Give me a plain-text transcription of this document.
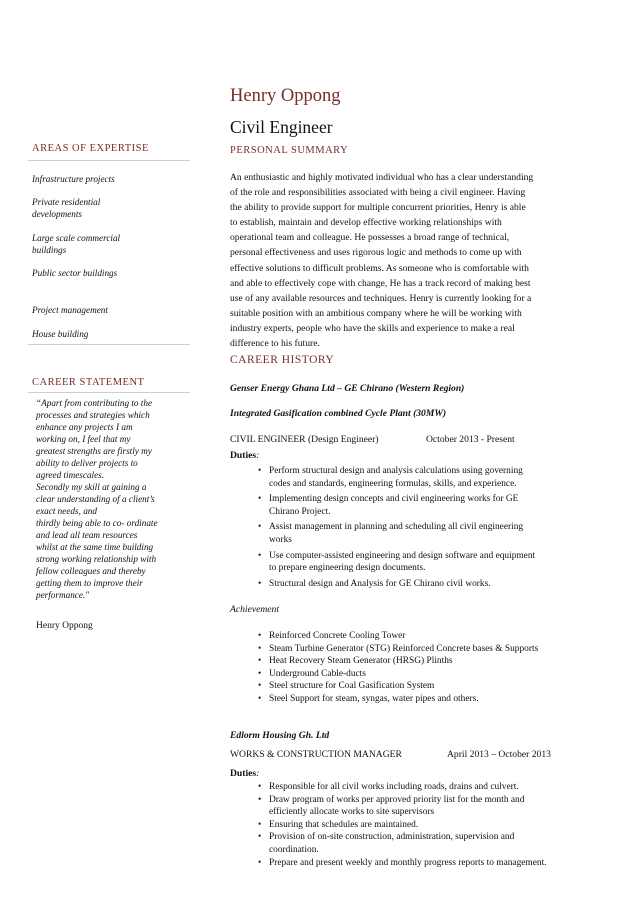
Henry Oppong
Civil Engineer
AREAS OF EXPERTISE
Infrastructure projects
Private residential
developments
Large scale commercial
buildings
Public sector buildings
Project management
House building
CAREER STATEMENT
“Apart from contributing to the
processes and strategies which
enhance any projects I am
working on, I feel that my
greatest strengths are firstly my
ability to deliver projects to
agreed timescales.
Secondly my skill at gaining a
clear understanding of a client’s
exact needs, and
thirdly being able to co- ordinate
and lead all team resources
whilst at the same time building
strong working relationship with
fellow colleagues and thereby
getting them to improve their
performance."
Henry Oppong
PERSONAL SUMMARY
An enthusiastic and highly motivated individual who has a clear understanding
of the role and responsibilities associated with being a civil engineer. Having
the ability to provide support for multiple concurrent priorities, Henry is able
to establish, maintain and develop effective working relationships with
operational team and colleague. He possesses a broad range of technical,
personal effectiveness and uses rigorous logic and methods to come up with
effective solutions to difficult problems. As someone who is comfortable with
and able to effectively cope with change, He has a track record of making best
use of any available resources and techniques. Henry is currently looking for a
suitable position with an ambitious company where he will be working with
industry experts, people who have the skills and experience to make a real
difference to his future.
CAREER HISTORY
Genser Energy Ghana Ltd – GE Chirano (Western Region)
Integrated Gasification combined Cycle Plant (30MW)
CIVIL ENGINEER (Design Engineer)	October 2013 - Present
Duties:
• Perform structural design and analysis calculations using governing
codes and standards, engineering formulas, skills, and experience.
• Implementing design concepts and civil engineering works for GE
Chirano Project.
• Assist management in planning and scheduling all civil engineering
works
• Use computer-assisted engineering and design software and equipment
to prepare engineering design documents.
• Structural design and Analysis for GE Chirano civil works.
Achievement
• Reinforced Concrete Cooling Tower
• Steam Turbine Generator (STG) Reinforced Concrete bases & Supports
• Heat Recovery Steam Generator (HRSG) Plinths
• Underground Cable-ducts
• Steel structure for Coal Gasification System
• Steel Support for steam, syngas, water pipes and others.
Edlorm Housing Gh. Ltd
WORKS & CONSTRUCTION MANAGER	April 2013 – October 2013
Duties:
• Responsible for all civil works including roads, drains and culvert.
• Draw program of works per approved priority list for the month and
efficiently allocate works to site supervisors
• Ensuring that schedules are maintained.
• Provision of on-site construction, administration, supervision and
coordination.
• Prepare and present weekly and monthly progress reports to management.
